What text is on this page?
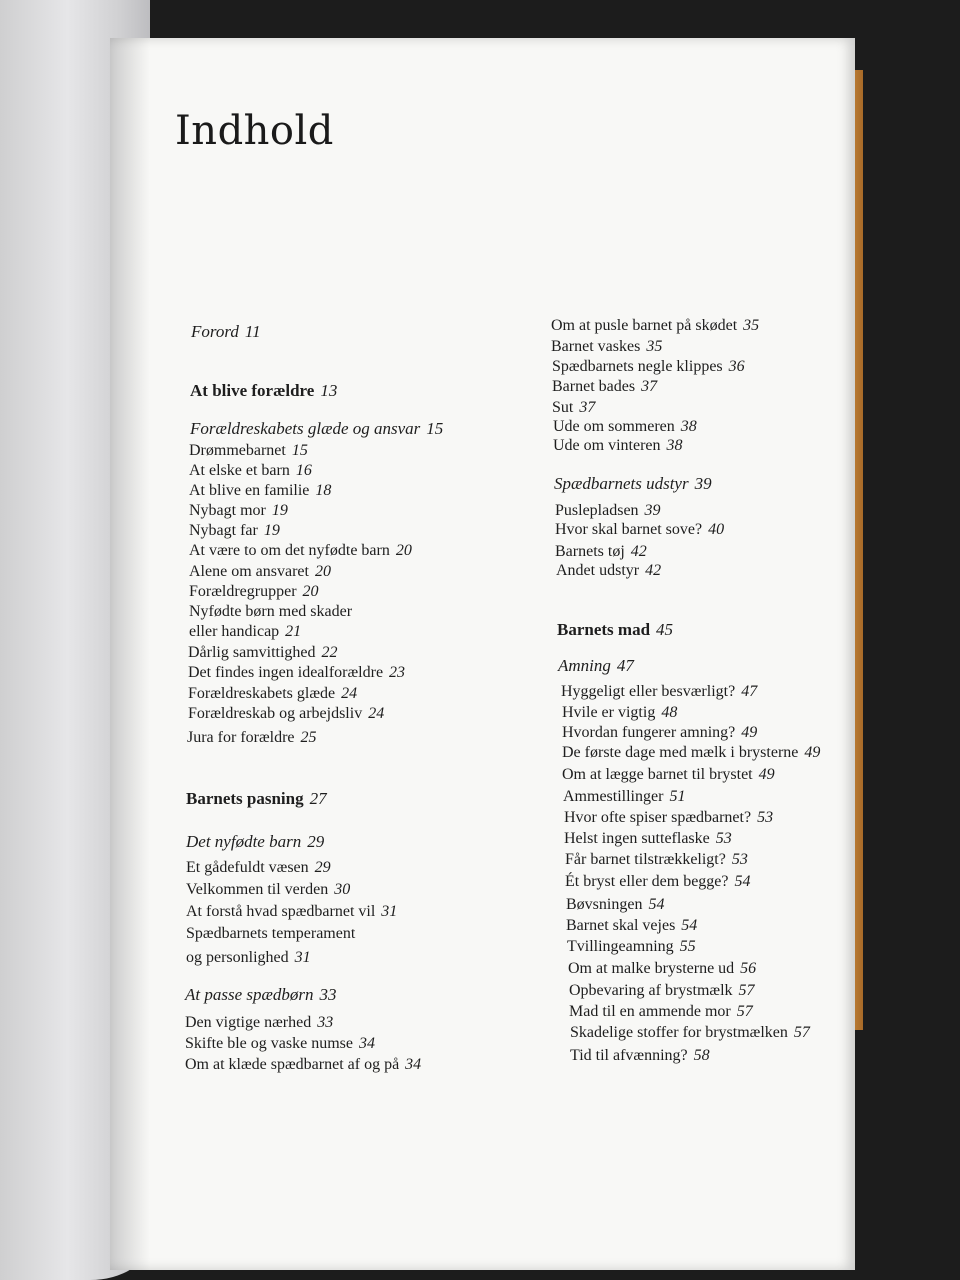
Indhold
Forord 11
At blive forældre 13
Forældreskabets glæde og ansvar 15
Drømmebarnet 15
At elske et barn 16
At blive en familie 18
Nybagt mor 19
Nybagt far 19
At være to om det nyfødte barn 20
Alene om ansvaret 20
Forældregrupper 20
Nyfødte børn med skader
eller handicap 21
Dårlig samvittighed 22
Det findes ingen idealforældre 23
Forældreskabets glæde 24
Forældreskab og arbejdsliv 24
Jura for forældre 25
Barnets pasning 27
Det nyfødte barn 29
Et gådefuldt væsen 29
Velkommen til verden 30
At forstå hvad spædbarnet vil 31
Spædbarnets temperament
og personlighed 31
At passe spædbørn 33
Den vigtige nærhed 33
Skifte ble og vaske numse 34
Om at klæde spædbarnet af og på 34
Om at pusle barnet på skødet 35
Barnet vaskes 35
Spædbarnets negle klippes 36
Barnet bades 37
Sut 37
Ude om sommeren 38
Ude om vinteren 38
Spædbarnets udstyr 39
Puslepladsen 39
Hvor skal barnet sove? 40
Barnets tøj 42
Andet udstyr 42
Barnets mad 45
Amning 47
Hyggeligt eller besværligt? 47
Hvile er vigtig 48
Hvordan fungerer amning? 49
De første dage med mælk i brysterne 49
Om at lægge barnet til brystet 49
Ammestillinger 51
Hvor ofte spiser spædbarnet? 53
Helst ingen sutteflaske 53
Får barnet tilstrækkeligt? 53
Ét bryst eller dem begge? 54
Bøvsningen 54
Barnet skal vejes 54
Tvillingeamning 55
Om at malke brysterne ud 56
Opbevaring af brystmælk 57
Mad til en ammende mor 57
Skadelige stoffer for brystmælken 57
Tid til afvænning? 58
